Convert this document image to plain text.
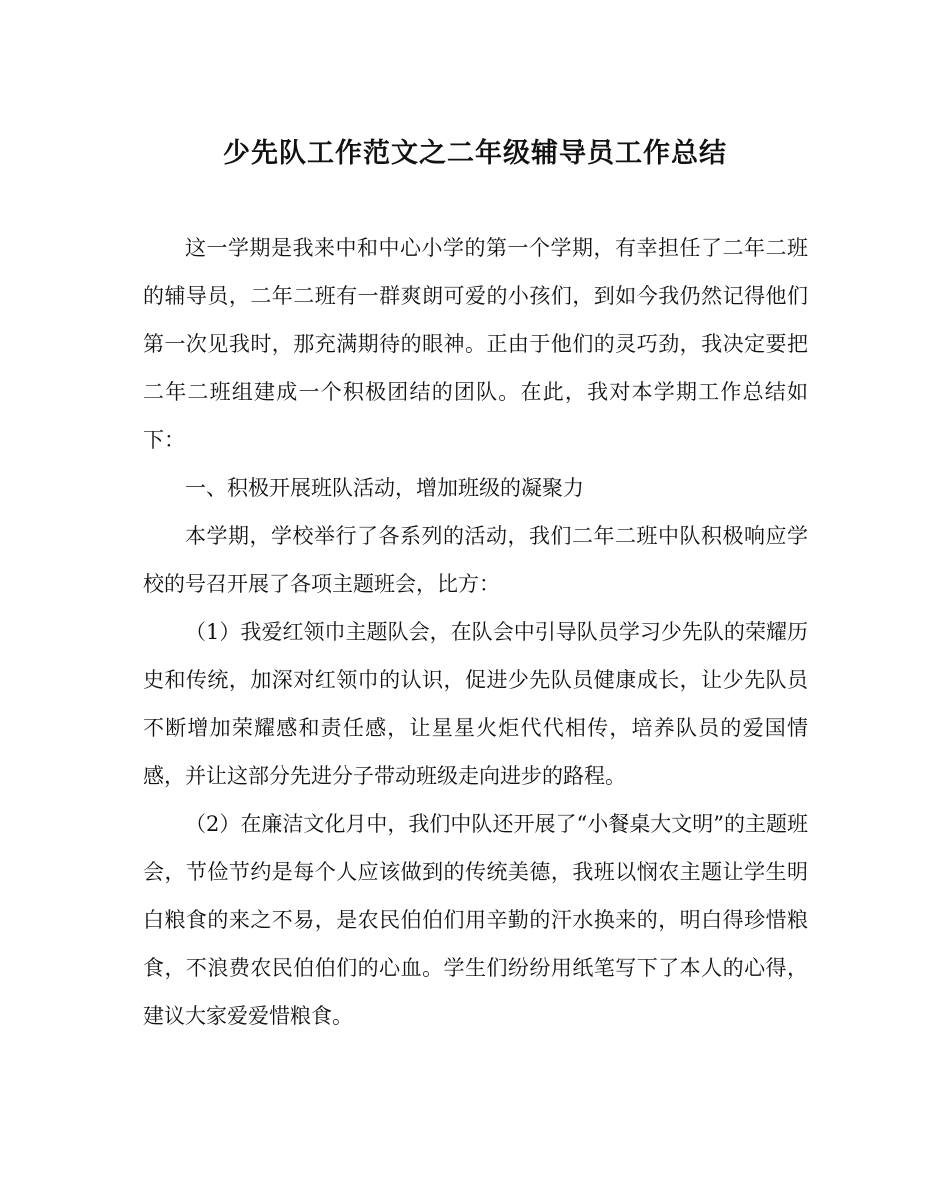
少先队工作范文之二年级辅导员工作总结

这一学期是我来中和中心小学的第一个学期，有幸担任了二年二班的辅导员，二年二班有一群爽朗可爱的小孩们，到如今我仍然记得他们第一次见我时，那充满期待的眼神。正由于他们的灵巧劲，我决定要把二年二班组建成一个积极团结的团队。在此，我对本学期工作总结如下：

一、积极开展班队活动，增加班级的凝聚力

本学期，学校举行了各系列的活动，我们二年二班中队积极响应学校的号召开展了各项主题班会，比方：

（1）我爱红领巾主题队会，在队会中引导队员学习少先队的荣耀历史和传统，加深对红领巾的认识，促进少先队员健康成长，让少先队员不断增加荣耀感和责任感，让星星火炬代代相传，培养队员的爱国情感，并让这部分先进分子带动班级走向进步的路程。

（2）在廉洁文化月中，我们中队还开展了“小餐桌大文明”的主题班会，节俭节约是每个人应该做到的传统美德，我班以悯农主题让学生明白粮食的来之不易，是农民伯伯们用辛勤的汗水换来的，明白得珍惜粮食，不浪费农民伯伯们的心血。学生们纷纷用纸笔写下了本人的心得，建议大家爱爱惜粮食。
